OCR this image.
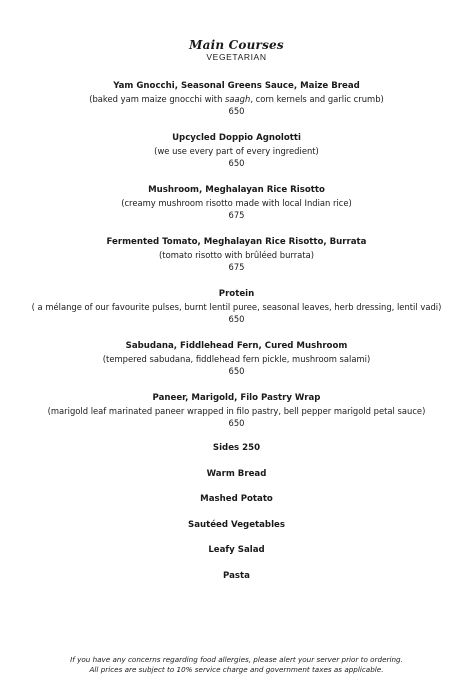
Main Courses
VEGETARIAN
Yam Gnocchi, Seasonal Greens Sauce, Maize Bread
(baked yam maize gnocchi with saagh, corn kernels and garlic crumb)
650
Upcycled Doppio Agnolotti
(we use every part of every ingredient)
650
Mushroom, Meghalayan Rice Risotto
(creamy mushroom risotto made with local Indian rice)
675
Fermented Tomato, Meghalayan Rice Risotto, Burrata
(tomato risotto with brûléed burrata)
675
Protein
( a mélange of our favourite pulses, burnt lentil puree, seasonal leaves, herb dressing, lentil vadi)
650
Sabudana, Fiddlehead Fern, Cured Mushroom
(tempered sabudana, fiddlehead fern pickle, mushroom salami)
650
Paneer, Marigold, Filo Pastry Wrap
(marigold leaf marinated paneer wrapped in filo pastry, bell pepper marigold petal sauce)
650
Sides 250
Warm Bread
Mashed Potato
Sautéed Vegetables
Leafy Salad
Pasta
If you have any concerns regarding food allergies, please alert your server prior to ordering.
All prices are subject to 10% service charge and government taxes as applicable.
